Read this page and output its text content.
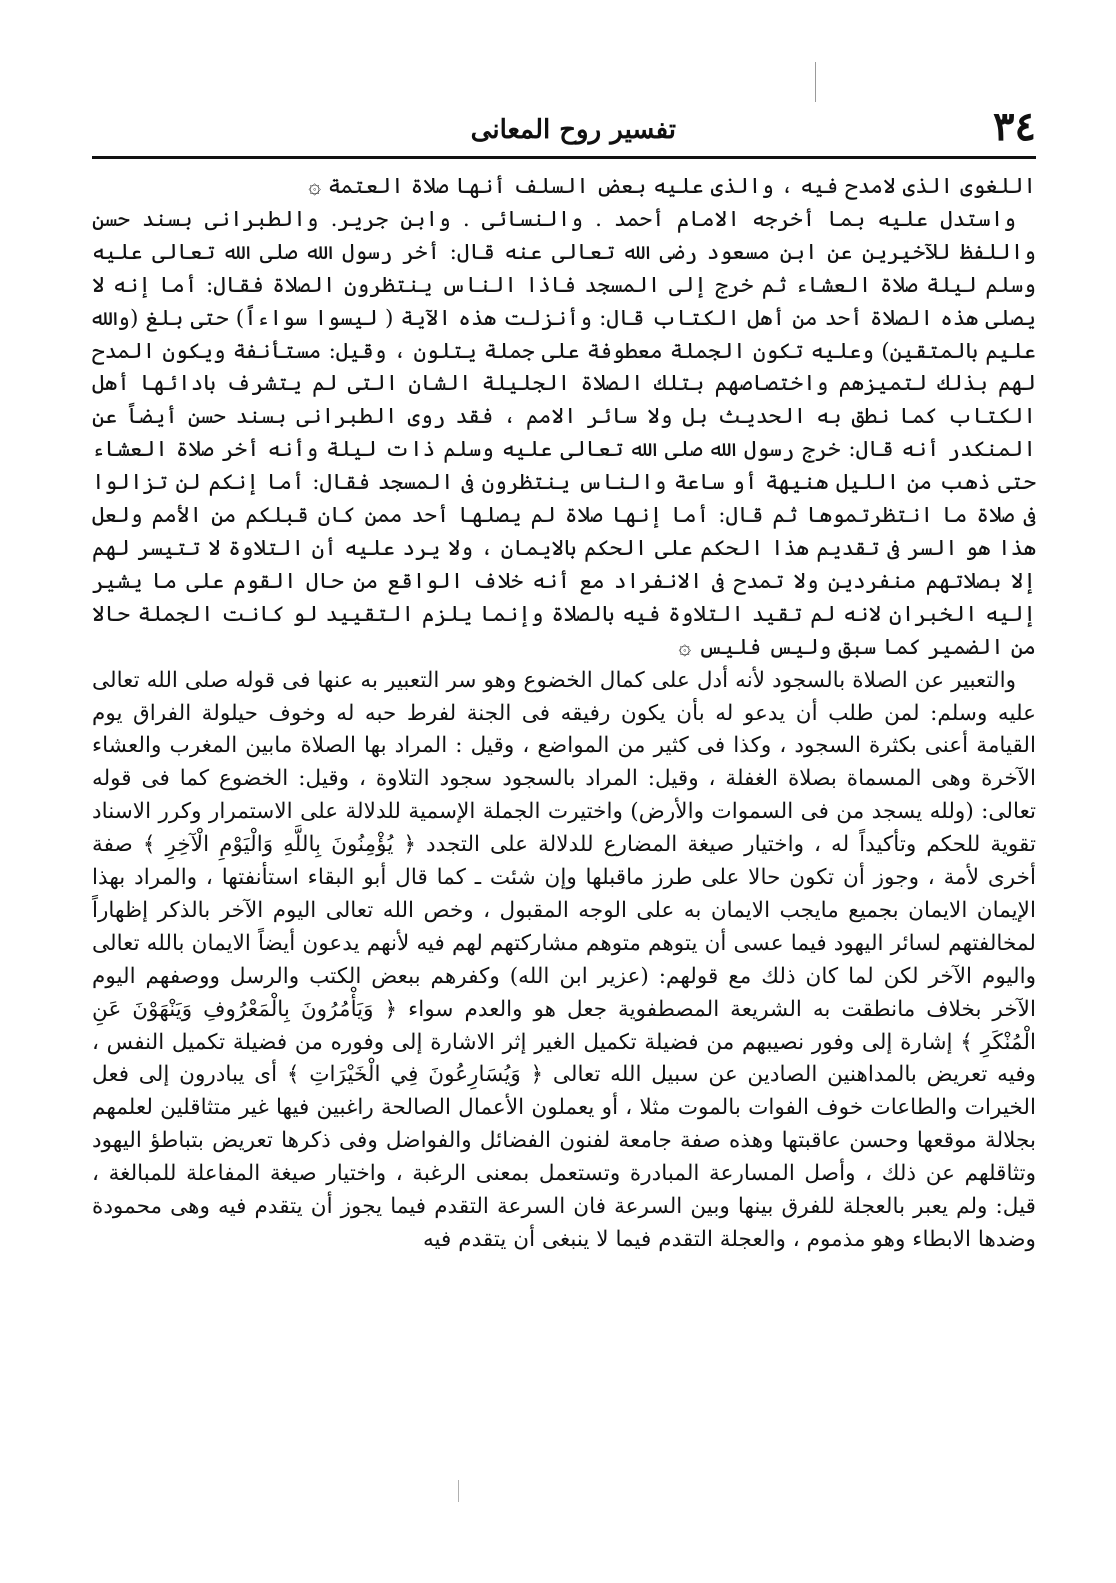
٣٤
تفسير روح المعانى

اللغوى الذى لامدح فيه ، والذى عليه بعض السلف أنها صلاة العتمة ۞

واستدل عليه بما أخرجه الامام أحمد . والنسائى . وابن جرير. والطبرانى بسند حسن واللفظ للآخيرين عن ابن مسعود رضى الله تعالى عنه قال: أخر رسول الله صلى الله تعالى عليه وسلم ليلة صلاة العشاء ثم خرج إلى المسجد فاذا الناس ينتظرون الصلاة فقال: أما إنه لا يصلى هذه الصلاة أحد من أهل الكتاب قال: وأنزلت هذه الآية ( ليسوا سواءاً) حتى بلغ (والله عليم بالمتقين) وعليه تكون الجملة معطوفة على جملة يتلون ، وقيل: مستأنفة ويكون المدح لهم بذلك لتميزهم واختصاصهم بتلك الصلاة الجليلة الشان التى لم يتشرف بادائها أهل الكتاب كما نطق به الحديث بل ولا سائر الامم ، فقد روى الطبرانى بسند حسن أيضاً عن المنكدر أنه قال: خرج رسول الله صلى الله تعالى عليه وسلم ذات ليلة وأنه أخر صلاة العشاء حتى ذهب من الليل هنيهة أو ساعة والناس ينتظرون فى المسجد فقال: أما إنكم لن تزالوا فى صلاة ما انتظرتموها ثم قال: أما إنها صلاة لم يصلها أحد ممن كان قبلكم من الأمم ولعل هذا هو السر فى تقديم هذا الحكم على الحكم بالايمان ، ولا يرد عليه أن التلاوة لا تتيسر لهم إلا بصلاتهم منفردين ولا تمدح فى الانفراد مع أنه خلاف الواقع من حال القوم على ما يشير إليه الخبران لانه لم تقيد التلاوة فيه بالصلاة وإنما يلزم التقييد لو كانت الجملة حالا من الضمير كما سبق وليس فليس ۞

والتعبير عن الصلاة بالسجود لأنه أدل على كمال الخضوع وهو سر التعبير به عنها فى قوله صلى الله تعالى عليه وسلم: لمن طلب أن يدعو له بأن يكون رفيقه فى الجنة لفرط حبه له وخوف حيلولة الفراق يوم القيامة أعنى بكثرة السجود ، وكذا فى كثير من المواضع ، وقيل : المراد بها الصلاة مابين المغرب والعشاء الآخرة وهى المسماة بصلاة الغفلة ، وقيل: المراد بالسجود سجود التلاوة ، وقيل: الخضوع كما فى قوله تعالى: (ولله يسجد من فى السموات والأرض) واختيرت الجملة الإسمية للدلالة على الاستمرار وكرر الاسناد تقوية للحكم وتأكيداً له ، واختيار صيغة المضارع للدلالة على التجدد ﴿ يُؤْمِنُونَ بِاللَّهِ وَالْيَوْمِ الْآخِرِ ﴾ صفة أخرى لأمة ، وجوز أن تكون حالا على طرز ماقبلها وإن شئت ـ كما قال أبو البقاء استأنفتها ، والمراد بهذا الإيمان الايمان بجميع مايجب الايمان به على الوجه المقبول ، وخص الله تعالى اليوم الآخر بالذكر إظهاراً لمخالفتهم لسائر اليهود فيما عسى أن يتوهم متوهم مشاركتهم لهم فيه لأنهم يدعون أيضاً الايمان بالله تعالى واليوم الآخر لكن لما كان ذلك مع قولهم: (عزير ابن الله) وكفرهم ببعض الكتب والرسل ووصفهم اليوم الآخر بخلاف مانطقت به الشريعة المصطفوية جعل هو والعدم سواء ﴿ وَيَأْمُرُونَ بِالْمَعْرُوفِ وَيَنْهَوْنَ عَنِ الْمُنْكَرِ ﴾ إشارة إلى وفور نصيبهم من فضيلة تكميل الغير إثر الاشارة إلى وفوره من فضيلة تكميل النفس ، وفيه تعريض بالمداهنين الصادين عن سبيل الله تعالى ﴿ وَيُسَارِعُونَ فِي الْخَيْرَاتِ ﴾ أى يبادرون إلى فعل الخيرات والطاعات خوف الفوات بالموت مثلا ، أو يعملون الأعمال الصالحة راغبين فيها غير متثاقلين لعلمهم بجلالة موقعها وحسن عاقبتها وهذه صفة جامعة لفنون الفضائل والفواضل وفى ذكرها تعريض بتباطؤ اليهود وتثاقلهم عن ذلك ، وأصل المسارعة المبادرة وتستعمل بمعنى الرغبة ، واختيار صيغة المفاعلة للمبالغة ، قيل: ولم يعبر بالعجلة للفرق بينها وبين السرعة فان السرعة التقدم فيما يجوز أن يتقدم فيه وهى محمودة وضدها الابطاء وهو مذموم ، والعجلة التقدم فيما لا ينبغى أن يتقدم فيه
